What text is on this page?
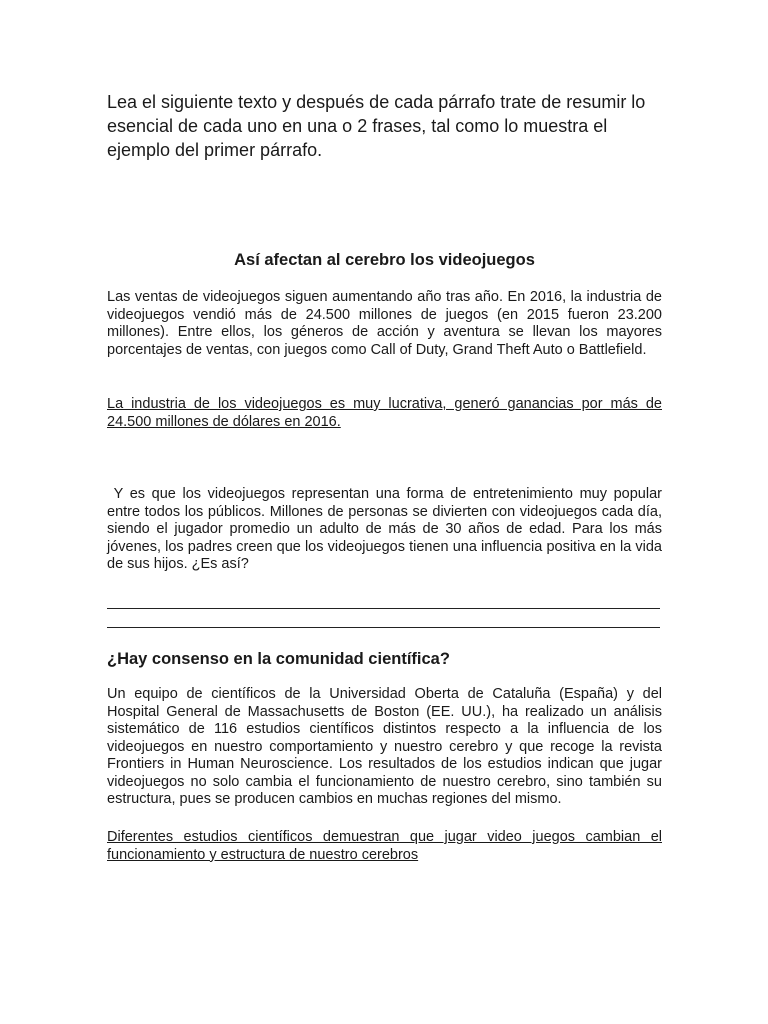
Lea el siguiente texto y después de cada párrafo trate de resumir lo esencial de cada uno en una o 2 frases, tal como lo muestra el ejemplo del primer párrafo.
Así afectan al cerebro los videojuegos
Las ventas de videojuegos siguen aumentando año tras año. En 2016, la industria de videojuegos vendió más de 24.500 millones de juegos (en 2015 fueron 23.200 millones). Entre ellos, los géneros de acción y aventura se llevan los mayores porcentajes de ventas, con juegos como Call of Duty, Grand Theft Auto o Battlefield.
La industria de los videojuegos es muy lucrativa, generó ganancias por más de 24.500 millones de dólares en 2016.
Y es que los videojuegos representan una forma de entretenimiento muy popular entre todos los públicos. Millones de personas se divierten con videojuegos cada día, siendo el jugador promedio un adulto de más de 30 años de edad. Para los más jóvenes, los padres creen que los videojuegos tienen una influencia positiva en la vida de sus hijos. ¿Es así?
¿Hay consenso en la comunidad científica?
Un equipo de científicos de la Universidad Oberta de Cataluña (España) y del Hospital General de Massachusetts de Boston (EE. UU.), ha realizado un análisis sistemático de 116 estudios científicos distintos respecto a la influencia de los videojuegos en nuestro comportamiento y nuestro cerebro y que recoge la revista Frontiers in Human Neuroscience. Los resultados de los estudios indican que jugar videojuegos no solo cambia el funcionamiento de nuestro cerebro, sino también su estructura, pues se producen cambios en muchas regiones del mismo.
Diferentes estudios científicos demuestran que jugar video juegos cambian el funcionamiento y estructura de nuestro cerebros
